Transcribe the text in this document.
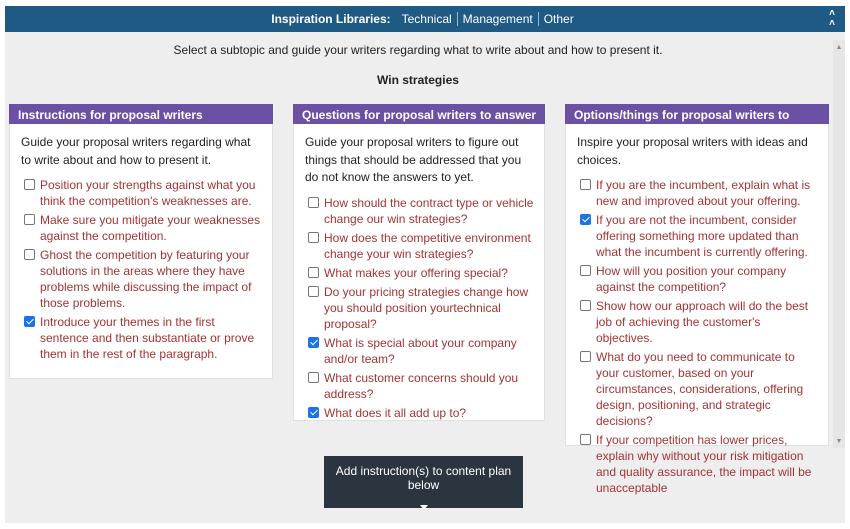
Inspiration Libraries: Technical Management Other	˄
˄
▲
▼
Select a subtopic and guide your writers regarding what to write about and how to present it.
Win strategies
Instructions for proposal writers
Guide your proposal writers regarding what to write about and how to present it.
Position your strengths against what you think the competition's weaknesses are.
Make sure you mitigate your weaknesses against the competition.
Ghost the competition by featuring your solutions in the areas where they have problems while discussing the impact of those problems.
Introduce your themes in the first sentence and then substantiate or prove them in the rest of the paragraph.
Questions for proposal writers to answer
Guide your proposal writers to figure out things that should be addressed that you do not know the answers to yet.
How should the contract type or vehicle change our win strategies?
How does the competitive environment change your win strategies?
What makes your offering special?
Do your pricing strategies change how you should position yourtechnical proposal?
What is special about your company and/or team?
What customer concerns should you address?
What does it all add up to?
Options/things for proposal writers to consider
Inspire your proposal writers with ideas and choices.
If you are the incumbent, explain what is new and improved about your offering.
If you are not the incumbent, consider offering something more updated than what the incumbent is currently offering.
How will you position your company against the competition?
Show how our approach will do the best job of achieving the customer's objectives.
What do you need to communicate to your customer, based on your circumstances, considerations, offering design, positioning, and strategic decisions?
If your competition has lower prices, explain why without your risk mitigation and quality assurance, the impact will be unacceptable
Add instruction(s) to content plan below
